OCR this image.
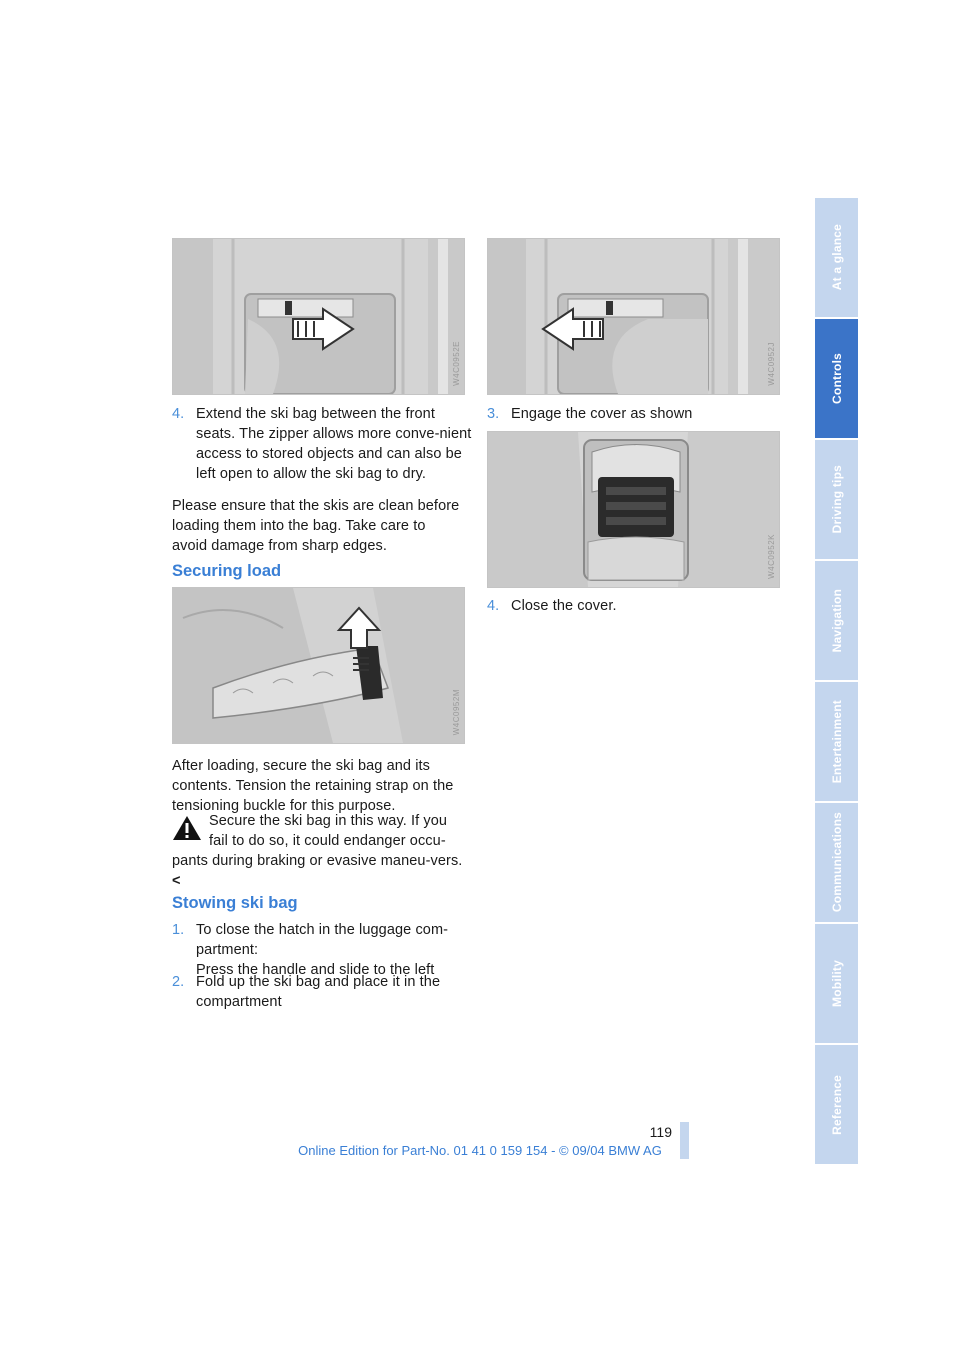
W4C0952E	W4C0952J
4. Extend the ski bag between the front
seats. The zipper allows more conve-nient access to stored objects and can also be left open to allow the ski bag to dry.
Please ensure that the skis are clean before loading them into the bag. Take care to avoid damage from sharp edges.
Securing load
W4C0952M
After loading, secure the ski bag and its contents. Tension the retaining strap on the tensioning buckle for this purpose.
Secure the ski bag in this way. If you
fail to do so, it could endanger occu-
pants during braking or evasive maneu-vers.<
Stowing ski bag
1. To close the hatch in the luggage com-
partment:
Press the handle and slide to the left
2. Fold up the ski bag and place it in the
compartment
3. Engage the cover as shown
W4C0952K
4. Close the cover.
At a glance
Controls
Driving tips
Navigation
Entertainment
Communications
Mobility
Reference
119
Online Edition for Part-No. 01 41 0 159 154 - © 09/04 BMW AG
